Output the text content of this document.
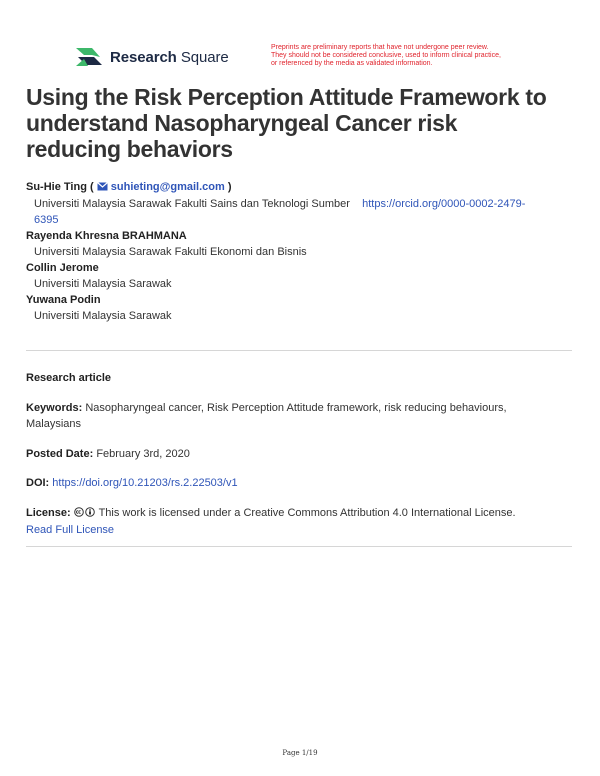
Research Square
Preprints are preliminary reports that have not undergone peer review.
They should not be considered conclusive, used to inform clinical practice,
or referenced by the media as validated information.
Using the Risk Perception Attitude Framework to understand Nasopharyngeal Cancer risk reducing behaviors
Su-Hie Ting (  suhieting@gmail.com )
Universiti Malaysia Sarawak Fakulti Sains dan Teknologi Sumber https://orcid.org/0000-0002-2479-
6395
Rayenda Khresna BRAHMANA
Universiti Malaysia Sarawak Fakulti Ekonomi dan Bisnis
Collin Jerome
Universiti Malaysia Sarawak
Yuwana Podin
Universiti Malaysia Sarawak
Research article
Keywords: Nasopharyngeal cancer, Risk Perception Attitude framework, risk reducing behaviours,
Malaysians
Posted Date: February 3rd, 2020
DOI: https://doi.org/10.21203/rs.2.22503/v1
License:	This work is licensed under a Creative Commons Attribution 4.0 International License.
Read Full License
Page 1/19
